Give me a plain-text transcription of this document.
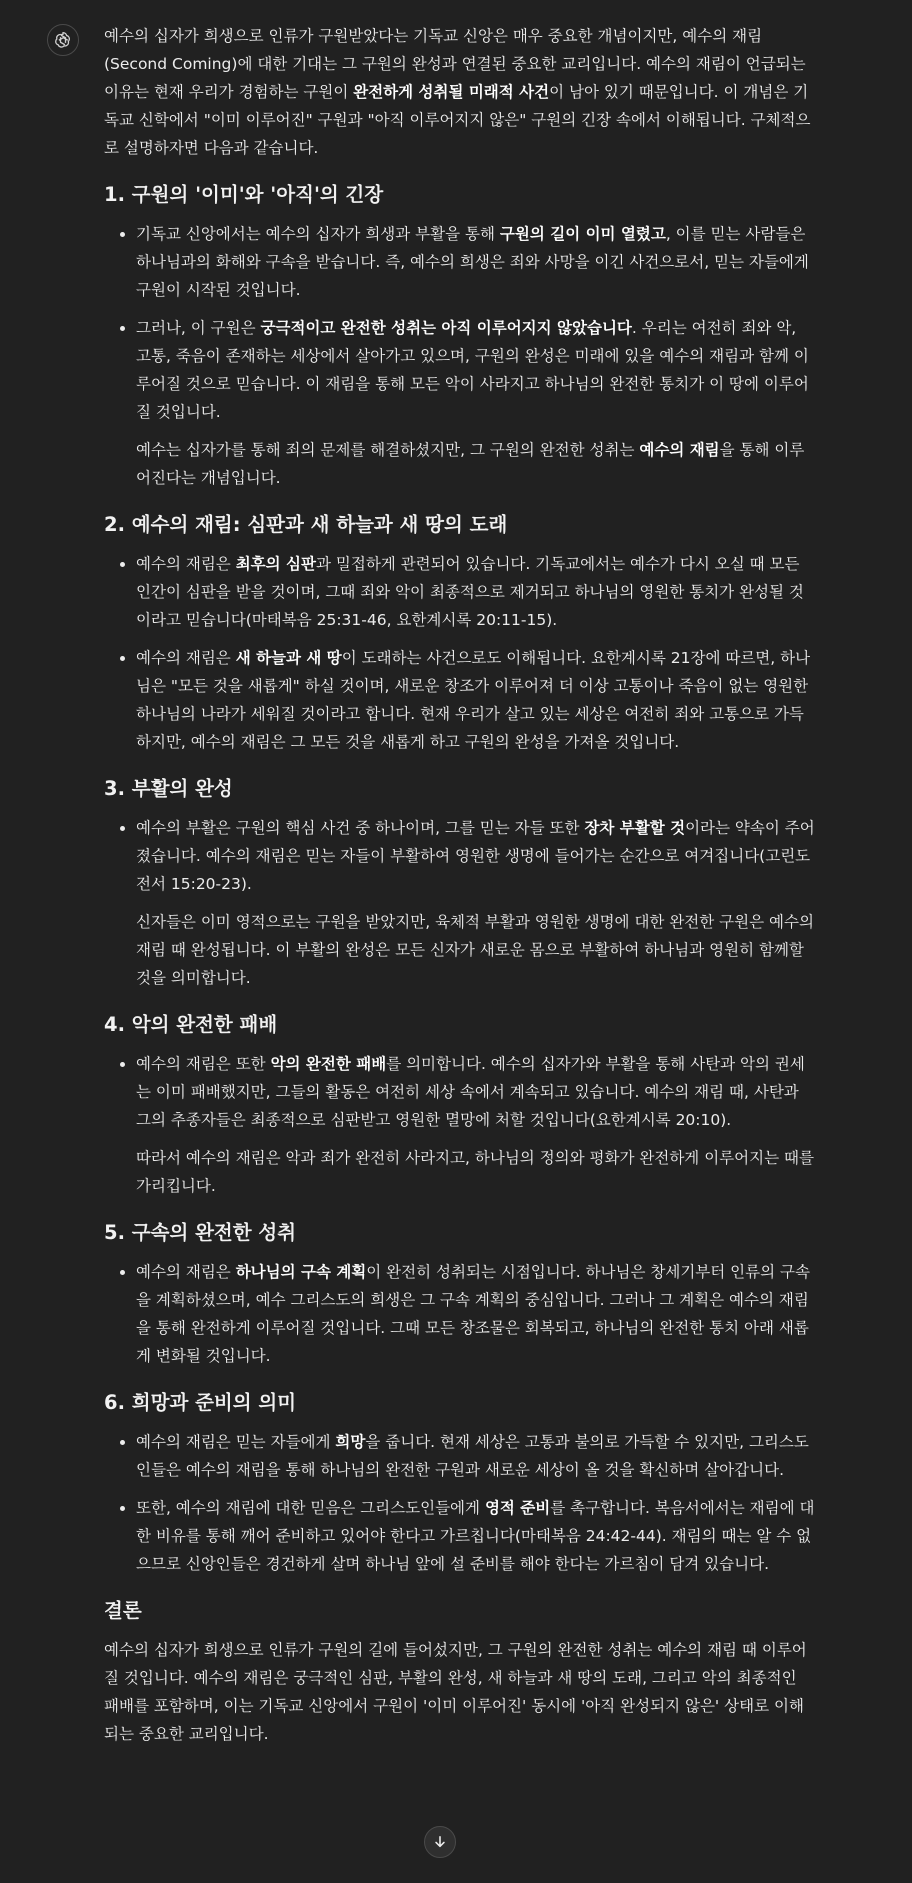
예수의 십자가 희생으로 인류가 구원받았다는 기독교 신앙은 매우 중요한 개념이지만, 예수의 재림(Second Coming)에 대한 기대는 그 구원의 완성과 연결된 중요한 교리입니다. 예수의 재림이 언급되는 이유는 현재 우리가 경험하는 구원이 완전하게 성취될 미래적 사건이 남아 있기 때문입니다. 이 개념은 기독교 신학에서 "이미 이루어진" 구원과 "아직 이루어지지 않은" 구원의 긴장 속에서 이해됩니다. 구체적으로 설명하자면 다음과 같습니다.

1. 구원의 '이미'와 '아직'의 긴장
• 기독교 신앙에서는 예수의 십자가 희생과 부활을 통해 구원의 길이 이미 열렸고, 이를 믿는 사람들은 하나님과의 화해와 구속을 받습니다. 즉, 예수의 희생은 죄와 사망을 이긴 사건으로서, 믿는 자들에게 구원이 시작된 것입니다.
• 그러나, 이 구원은 궁극적이고 완전한 성취는 아직 이루어지지 않았습니다. 우리는 여전히 죄와 악, 고통, 죽음이 존재하는 세상에서 살아가고 있으며, 구원의 완성은 미래에 있을 예수의 재림과 함께 이루어질 것으로 믿습니다. 이 재림을 통해 모든 악이 사라지고 하나님의 완전한 통치가 이 땅에 이루어질 것입니다.

예수는 십자가를 통해 죄의 문제를 해결하셨지만, 그 구원의 완전한 성취는 예수의 재림을 통해 이루어진다는 개념입니다.

2. 예수의 재림: 심판과 새 하늘과 새 땅의 도래
• 예수의 재림은 최후의 심판과 밀접하게 관련되어 있습니다. 기독교에서는 예수가 다시 오실 때 모든 인간이 심판을 받을 것이며, 그때 죄와 악이 최종적으로 제거되고 하나님의 영원한 통치가 완성될 것이라고 믿습니다(마태복음 25:31-46, 요한계시록 20:11-15).
• 예수의 재림은 새 하늘과 새 땅이 도래하는 사건으로도 이해됩니다. 요한계시록 21장에 따르면, 하나님은 "모든 것을 새롭게" 하실 것이며, 새로운 창조가 이루어져 더 이상 고통이나 죽음이 없는 영원한 하나님의 나라가 세워질 것이라고 합니다. 현재 우리가 살고 있는 세상은 여전히 죄와 고통으로 가득하지만, 예수의 재림은 그 모든 것을 새롭게 하고 구원의 완성을 가져올 것입니다.
3. 부활의 완성
• 예수의 부활은 구원의 핵심 사건 중 하나이며, 그를 믿는 자들 또한 장차 부활할 것이라는 약속이 주어졌습니다. 예수의 재림은 믿는 자들이 부활하여 영원한 생명에 들어가는 순간으로 여겨집니다(고린도전서 15:20-23).

신자들은 이미 영적으로는 구원을 받았지만, 육체적 부활과 영원한 생명에 대한 완전한 구원은 예수의 재림 때 완성됩니다. 이 부활의 완성은 모든 신자가 새로운 몸으로 부활하여 하나님과 영원히 함께할 것을 의미합니다.

4. 악의 완전한 패배
• 예수의 재림은 또한 악의 완전한 패배를 의미합니다. 예수의 십자가와 부활을 통해 사탄과 악의 권세는 이미 패배했지만, 그들의 활동은 여전히 세상 속에서 계속되고 있습니다. 예수의 재림 때, 사탄과 그의 추종자들은 최종적으로 심판받고 영원한 멸망에 처할 것입니다(요한계시록 20:10).

따라서 예수의 재림은 악과 죄가 완전히 사라지고, 하나님의 정의와 평화가 완전하게 이루어지는 때를 가리킵니다.

5. 구속의 완전한 성취
• 예수의 재림은 하나님의 구속 계획이 완전히 성취되는 시점입니다. 하나님은 창세기부터 인류의 구속을 계획하셨으며, 예수 그리스도의 희생은 그 구속 계획의 중심입니다. 그러나 그 계획은 예수의 재림을 통해 완전하게 이루어질 것입니다. 그때 모든 창조물은 회복되고, 하나님의 완전한 통치 아래 새롭게 변화될 것입니다.
6. 희망과 준비의 의미
• 예수의 재림은 믿는 자들에게 희망을 줍니다. 현재 세상은 고통과 불의로 가득할 수 있지만, 그리스도인들은 예수의 재림을 통해 하나님의 완전한 구원과 새로운 세상이 올 것을 확신하며 살아갑니다.
• 또한, 예수의 재림에 대한 믿음은 그리스도인들에게 영적 준비를 촉구합니다. 복음서에서는 재림에 대한 비유를 통해 깨어 준비하고 있어야 한다고 가르칩니다(마태복음 24:42-44). 재림의 때는 알 수 없으므로 신앙인들은 경건하게 살며 하나님 앞에 설 준비를 해야 한다는 가르침이 담겨 있습니다.
결론

예수의 십자가 희생으로 인류가 구원의 길에 들어섰지만, 그 구원의 완전한 성취는 예수의 재림 때 이루어질 것입니다. 예수의 재림은 궁극적인 심판, 부활의 완성, 새 하늘과 새 땅의 도래, 그리고 악의 최종적인 패배를 포함하며, 이는 기독교 신앙에서 구원이 '이미 이루어진' 동시에 '아직 완성되지 않은' 상태로 이해되는 중요한 교리입니다.
